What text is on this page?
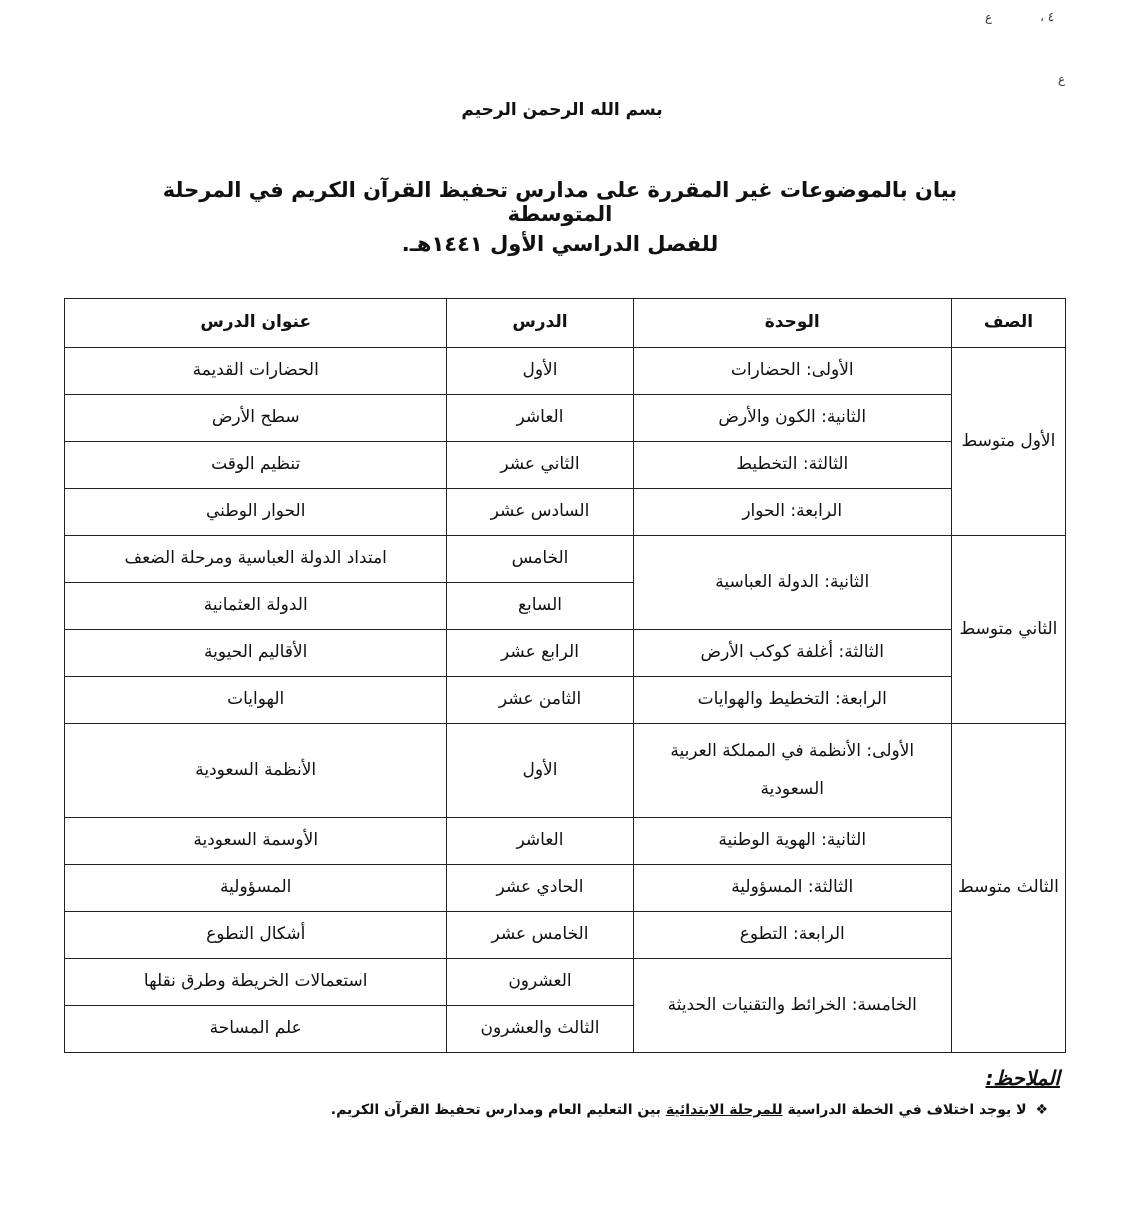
ع	٤ ،
ع
بسم الله الرحمن الرحيم
بيان بالموضوعات غير المقررة على مدارس تحفيظ القرآن الكريم ﻓﻲ المرحلة المتوسطة
للفصل الدراسي الأول ١٤٤١هـ.
الصف	الوحدة	الدرس	عنوان الدرس
الأول متوسط	الأولى: الحضارات	الأول	الحضارات القديمة
	الثانية: الكون والأرض	العاشر	سطح الأرض
	الثالثة: التخطيط	الثاني عشر	تنظيم الوقت
	الرابعة: الحوار	السادس عشر	الحوار الوطني
الثاني متوسط	الثانية: الدولة العباسية	الخامس	امتداد الدولة العباسية ومرحلة الضعف
		السابع	الدولة العثمانية
	الثالثة: أغلفة كوكب الأرض	الرابع عشر	الأقاليم الحيوية
	الرابعة: التخطيط والهوايات	الثامن عشر	الهوايات
الثالث متوسط	الأولى: الأنظمة ﻓﻲ المملكة العربية السعودية	الأول	الأنظمة السعودية
	الثانية: الهوية الوطنية	العاشر	الأوسمة السعودية
	الثالثة: المسؤولية	الحادي عشر	المسؤولية
	الرابعة: التطوع	الخامس عشر	أشكال التطوع
	الخامسة: الخرائط والتقنيات الحديثة	العشرون	استعمالات الخريطة وطرق نقلها
		الثالث والعشرون	علم المساحة
الملاحظ:
❖ لا يوجد اختلاف ﻓﻲ الخطة الدراسية للمرحلة الابتدائية بين التعليم العام ومدارس تحفيظ القرآن الكريم.
